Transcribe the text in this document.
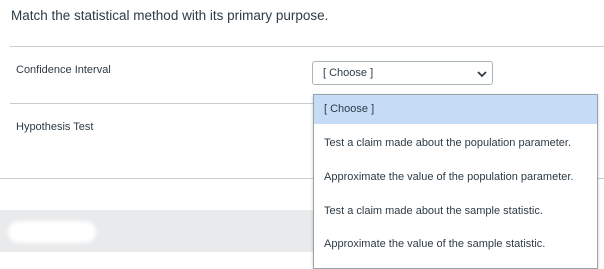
Match the statistical method with its primary purpose.
Confidence Interval	[ Choose ]
Hypothesis Test
[ Choose ]
Test a claim made about the population parameter.
Approximate the value of the population parameter.
Test a claim made about the sample statistic.
Approximate the value of the sample statistic.
